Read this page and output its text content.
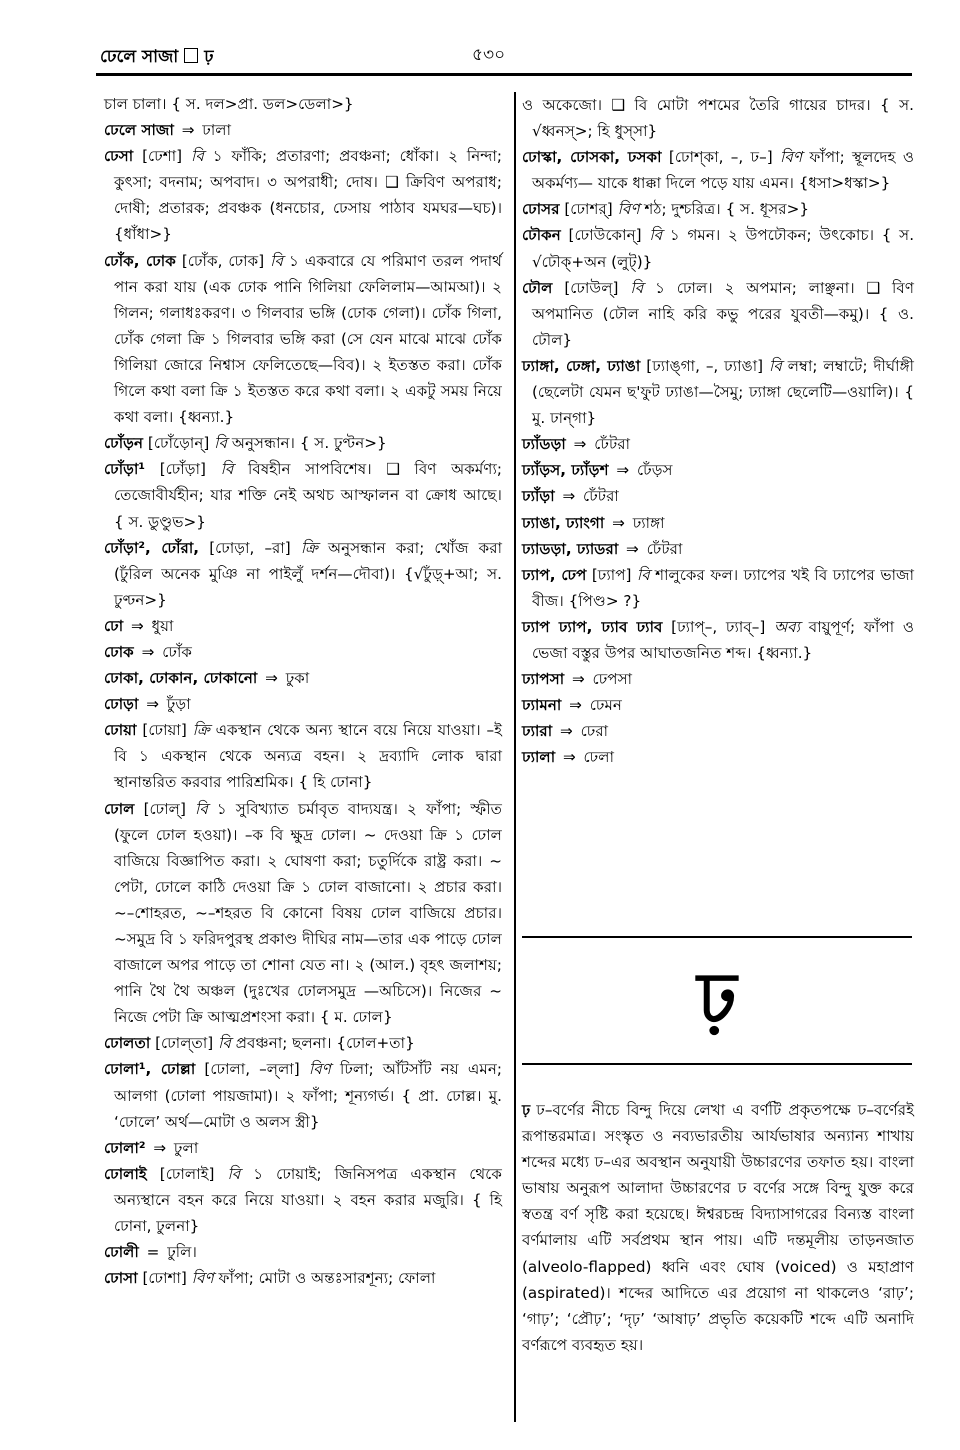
ঢেলে সাজা ঢ়	৫৩০
চাল চালা। { স. দল>প্রা. ডল>ডেলা>}
ঢেলে সাজা ⇒ ঢালা
ঢেসা [ঢেশা] বি ১ ফাঁকি; প্রতারণা; প্রবঞ্চনা; ধোঁকা। ২ নিন্দা; কুৎসা; বদনাম; অপবাদ। ৩ অপরাধী; দোষ। ❑ ক্রিবিণ অপরাধ; দোষী; প্রতারক; প্রবঞ্চক (ধনচোর, ঢেসায় পাঠাব যমঘর—ঘচ)। {ধাঁধা>}
ঢোঁক, ঢোক [ঢোঁক, ঢোক] বি ১ একবারে যে পরিমাণ তরল পদার্থ পান করা যায় (এক ঢোক পানি গিলিয়া ফেলিলাম—আমআ)। ২ গিলন; গলাধঃকরণ। ৩ গিলবার ভঙ্গি (ঢোক গেলা)। ঢোঁক গিলা, ঢোঁক গেলা ক্রি ১ গিলবার ভঙ্গি করা (সে যেন মাঝে মাঝে ঢোঁক গিলিয়া জোরে নিশ্বাস ফেলিতেছে—বিব)। ২ ইতস্তত করা। ঢোঁক গিলে কথা বলা ক্রি ১ ইতস্তত করে কথা বলা। ২ একটু সময় নিয়ে কথা বলা। {ধ্বন্যা.}
ঢোঁড়ন [ঢোঁড়োন্] বি অনুসন্ধান। { স. ঢুণ্টন>}
ঢোঁড়া¹ [ঢোঁড়া] বি বিষহীন সাপবিশেষ। ❑ বিণ অকর্মণ্য; তেজোবীর্যহীন; যার শক্তি নেই অথচ আস্ফালন বা ক্রোধ আছে। { স. ডুণ্ডুভ>}
ঢোঁড়া², ঢোঁরা, [ঢোড়া, –রা] ক্রি অনুসন্ধান করা; খোঁজ করা (ঢুঁরিল অনেক মুঞি না পাইলুঁ দর্শন—দৌবা)। {√ঢুঁড়্+আ; স. ঢুণ্ঢন>}
ঢো ⇒ ধুয়া
ঢোক ⇒ ঢোঁক
ঢোকা, ঢোকান, ঢোকানো ⇒ ঢুকা
ঢোড়া ⇒ ঢুঁড়া
ঢোয়া [ঢোয়া] ক্রি একস্থান থেকে অন্য স্থানে বয়ে নিয়ে যাওয়া। –ই বি ১ একস্থান থেকে অন্যত্র বহন। ২ দ্রব্যাদি লোক দ্বারা স্থানান্তরিত করবার পারিশ্রমিক। { হি ঢোনা}
ঢোল [ঢোল্] বি ১ সুবিখ্যাত চর্মাবৃত বাদ্যযন্ত্র। ২ ফাঁপা; স্ফীত (ফুলে ঢোল হওয়া)। –ক বি ক্ষুদ্র ঢোল। ~ দেওয়া ক্রি ১ ঢোল বাজিয়ে বিজ্ঞাপিত করা। ২ ঘোষণা করা; চতুর্দিকে রাষ্ট্র করা। ~ পেটা, ঢোলে কাঠি দেওয়া ক্রি ১ ঢোল বাজানো। ২ প্রচার করা। ~–শোহরত, ~–শহরত বি কোনো বিষয় ঢোল বাজিয়ে প্রচার। ~সমুদ্র বি ১ ফরিদপুরস্থ প্রকাণ্ড দীঘির নাম—তার এক পাড়ে ঢোল বাজালে অপর পাড়ে তা শোনা যেত না। ২ (আল.) বৃহৎ জলাশয়; পানি থৈ থৈ অঞ্চল (দুঃখের ঢোলসমুদ্র —অচিসে)। নিজের ~ নিজে পেটা ক্রি আত্মপ্রশংসা করা। { ম. ঢোল}
ঢোলতা [ঢোল্‌তা] বি প্রবঞ্চনা; ছলনা। {ঢোল+তা}
ঢোলা¹, ঢোল্লা [ঢোলা, –ল্‌লা] বিণ ঢিলা; আঁটসাঁট নয় এমন; আলগা (ঢোলা পায়জামা)। ২ ফাঁপা; শূন্যগর্ভ। { প্রা. ঢোল্ল। মু. ‘ঢোলে’ অর্থ—মোটা ও অলস স্ত্রী}
ঢোলা² ⇒ ঢুলা
ঢোলাই [ঢোলাই] বি ১ ঢোয়াই; জিনিসপত্র একস্থান থেকে অন্যস্থানে বহন করে নিয়ে যাওয়া। ২ বহন করার মজুরি। { হি ঢোনা, ঢুলনা}
ঢোলী = ঢুলি।
ঢোসা [ঢোশা] বিণ ফাঁপা; মোটা ও অন্তঃসারশূন্য; ফোলা
ও অকেজো। ❑ বি মোটা পশমের তৈরি গায়ের চাদর। { স. √ধ্বনস্>; হি ধুস্সা}
ঢোস্কা, ঢোসকা, ঢসকা [ঢোশ্‌কা, –, ঢ–] বিণ ফাঁপা; স্থূলদেহ ও অকর্মণ্য— যাকে ধাক্কা দিলে পড়ে যায় এমন। {ধসা>ধস্কা>}
ঢোসর [ঢোশর্] বিণ শঠ; দুশ্চরিত্র। { স. ধূসর>}
ঢৌকন [ঢোউকোন্] বি ১ গমন। ২ উপঢৌকন; উৎকোচ। { স. √ঢৌক্+অন (লুট্)}
ঢৌল [ঢোউল্] বি ১ ঢোল। ২ অপমান; লাঞ্ছনা। ❑ বিণ অপমানিত (ঢৌল নাহি করি কভু পরের যুবতী—কমু)। { ও. ঢৌল}
ঢ্যাঙ্গা, ঢেঙ্গা, ঢ্যাঙা [ঢ্যাঙ্‌গা, –, ঢ্যাঙা] বি লম্বা; লম্বাটে; দীর্ঘাঙ্গী (ছেলেটা যেমন ছ'ফুট ঢ্যাঙা—সৈমু; ঢ্যাঙ্গা ছেলেটি—ওয়ালি)। { মু. ঢান্‌গা}
ঢ্যাঁডড়া ⇒ ঢেঁটরা
ঢ্যাঁড়স, ঢ্যাঁড়শ ⇒ ঢেঁড়স
ঢ্যাঁড়া ⇒ ঢেঁটরা
ঢ্যাঙা, ঢ্যাংগা ⇒ ঢ্যাঙ্গা
ঢ্যাডড়া, ঢ্যাডরা ⇒ ঢেঁটরা
ঢ্যাপ, ঢেপ [ঢ্যাপ] বি শালুকের ফল। ঢ্যাপের খই বি ঢ্যাপের ভাজা বীজ। {পিণ্ড> ?}
ঢ্যাপ ঢ্যাপ, ঢ্যাব ঢ্যাব [ঢ্যাপ্–, ঢ্যাব্–] অব্য বায়ুপূর্ণ; ফাঁপা ও ভেজা বস্তুর উপর আঘাতজনিত শব্দ। {ধ্বন্যা.}
ঢ্যাপসা ⇒ ঢেপসা
ঢ্যামনা ⇒ ঢেমন
ঢ্যারা ⇒ ঢেরা
ঢ্যালা ⇒ ঢেলা
ঢ়
ঢ় ঢ–বর্ণের নীচে বিন্দু দিয়ে লেখা এ বর্ণটি প্রকৃতপক্ষে ঢ–বর্ণেরই রূপান্তরমাত্র। সংস্কৃত ও নব্যভারতীয় আর্যভাষার অন্যান্য শাখায় শব্দের মধ্যে ঢ–এর অবস্থান অনুযায়ী উচ্চারণের তফাত হয়। বাংলা ভাষায় অনুরূপ আলাদা উচ্চারণের ঢ বর্ণের সঙ্গে বিন্দু যুক্ত করে স্বতন্ত্র বর্ণ সৃষ্টি করা হয়েছে। ঈশ্বরচন্দ্র বিদ্যাসাগরের বিন্যস্ত বাংলা বর্ণমালায় এটি সর্বপ্রথম স্থান পায়। এটি দন্তমূলীয় তাড়নজাত (alveolo-flapped) ধ্বনি এবং ঘোষ (voiced) ও মহাপ্রাণ (aspirated)। শব্দের আদিতে এর প্রয়োগ না থাকলেও ‘রাঢ়’; ‘গাঢ়’; ‘প্রৌঢ়’; ‘দৃঢ়’ ‘আষাঢ়’ প্রভৃতি কয়েকটি শব্দে এটি অনাদি বর্ণরূপে ব্যবহৃত হয়।
